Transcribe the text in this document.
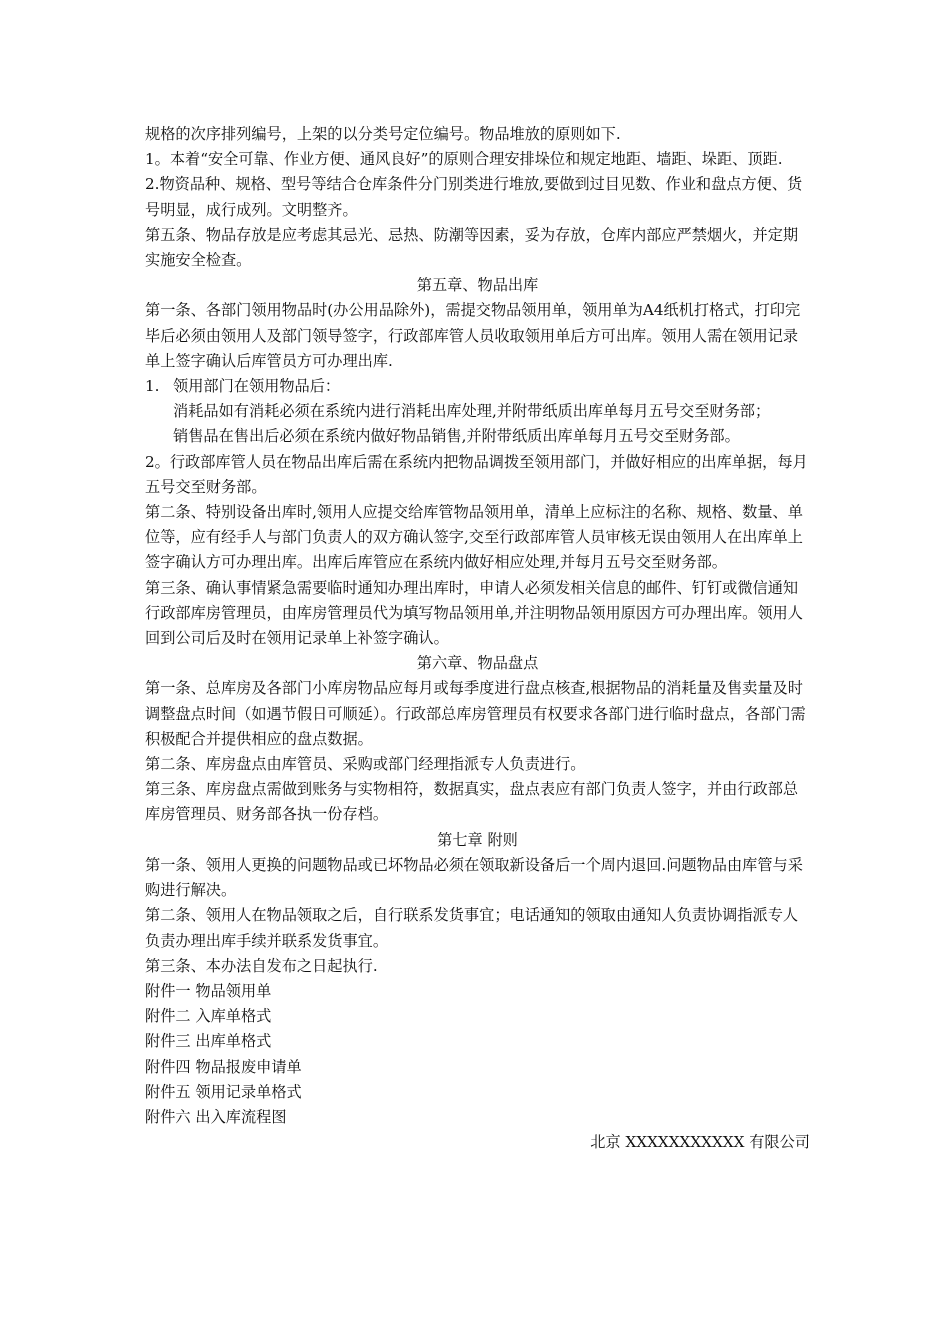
规格的次序排列编号，上架的以分类号定位编号。物品堆放的原则如下.

1。本着“安全可靠、作业方便、通风良好”的原则合理安排垛位和规定地距、墙距、垛距、顶距.

2.物资品种、规格、型号等结合仓库条件分门别类进行堆放,要做到过目见数、作业和盘点方便、货号明显，成行成列。文明整齐。

第五条、物品存放是应考虑其忌光、忌热、防潮等因素，妥为存放，仓库内部应严禁烟火，并定期实施安全检查。

第五章、物品出库

第一条、各部门领用物品时(办公用品除外)，需提交物品领用单，领用单为A4纸机打格式，打印完毕后必须由领用人及部门领导签字，行政部库管人员收取领用单后方可出库。领用人需在领用记录单上签字确认后库管员方可办理出库.

1. 领用部门在领用物品后：

消耗品如有消耗必须在系统内进行消耗出库处理,并附带纸质出库单每月五号交至财务部；

销售品在售出后必须在系统内做好物品销售,并附带纸质出库单每月五号交至财务部。

2。行政部库管人员在物品出库后需在系统内把物品调拨至领用部门，并做好相应的出库单据，每月五号交至财务部。

第二条、特别设备出库时,领用人应提交给库管物品领用单，清单上应标注的名称、规格、数量、单位等，应有经手人与部门负责人的双方确认签字,交至行政部库管人员审核无误由领用人在出库单上签字确认方可办理出库。出库后库管应在系统内做好相应处理,并每月五号交至财务部。

第三条、确认事情紧急需要临时通知办理出库时，申请人必须发相关信息的邮件、钉钉或微信通知行政部库房管理员，由库房管理员代为填写物品领用单,并注明物品领用原因方可办理出库。领用人回到公司后及时在领用记录单上补签字确认。

第六章、物品盘点

第一条、总库房及各部门小库房物品应每月或每季度进行盘点核查,根据物品的消耗量及售卖量及时调整盘点时间（如遇节假日可顺延）。行政部总库房管理员有权要求各部门进行临时盘点，各部门需积极配合并提供相应的盘点数据。

第二条、库房盘点由库管员、采购或部门经理指派专人负责进行。

第三条、库房盘点需做到账务与实物相符，数据真实，盘点表应有部门负责人签字，并由行政部总库房管理员、财务部各执一份存档。

第七章 附则

第一条、领用人更换的问题物品或已坏物品必须在领取新设备后一个周内退回.问题物品由库管与采购进行解决。

第二条、领用人在物品领取之后，自行联系发货事宜；电话通知的领取由通知人负责协调指派专人负责办理出库手续并联系发货事宜。

第三条、本办法自发布之日起执行.

附件一 物品领用单

附件二 入库单格式

附件三 出库单格式

附件四 物品报废申请单

附件五 领用记录单格式

附件六 出入库流程图

北京 XXXXXXXXXXX 有限公司
